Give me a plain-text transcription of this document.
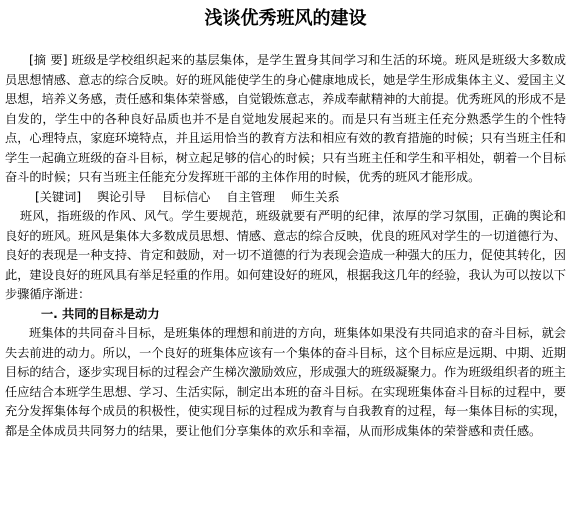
浅谈优秀班风的建设

[摘 要] 班级是学校组织起来的基层集体，是学生置身其间学习和生活的环境。班风是班级大多数成员思想情感、意志的综合反映。好的班风能使学生的身心健康地成长，她是学生形成集体主义、爱国主义思想，培养义务感，责任感和集体荣誉感，自觉锻炼意志，养成奉献精神的大前提。优秀班风的形成不是自发的，学生中的各种良好品质也并不是自觉地发展起来的。而是只有当班主任充分熟悉学生的个性特点，心理特点，家庭环境特点，并且运用恰当的教育方法和相应有效的教育措施的时候；只有当班主任和学生一起确立班级的奋斗目标，树立起足够的信心的时候；只有当班主任和学生和平相处，朝着一个目标奋斗的时候；只有当班主任能充分发挥班干部的主体作用的时候，优秀的班风才能形成。

[关键词] 舆论引导 目标信心 自主管理 师生关系

班风，指班级的作风、风气。学生要规范，班级就要有严明的纪律，浓厚的学习氛围，正确的舆论和良好的班风。班风是集体大多数成员思想、情感、意志的综合反映，优良的班风对学生的一切道德行为、良好的表现是一种支持、肯定和鼓励，对一切不道德的行为表现会造成一种强大的压力，促使其转化，因此，建设良好的班风具有举足轻重的作用。如何建设好的班风，根据我这几年的经验，我认为可以按以下步骤循序渐进：

一. 共同的目标是动力

班集体的共同奋斗目标，是班集体的理想和前进的方向，班集体如果没有共同追求的奋斗目标，就会失去前进的动力。所以，一个良好的班集体应该有一个集体的奋斗目标，这个目标应是远期、中期、近期目标的结合，逐步实现目标的过程会产生梯次激励效应，形成强大的班级凝聚力。作为班级组织者的班主任应结合本班学生思想、学习、生活实际，制定出本班的奋斗目标。在实现班集体奋斗目标的过程中，要充分发挥集体每个成员的积极性，使实现目标的过程成为教育与自我教育的过程，每一集体目标的实现，都是全体成员共同努力的结果，要让他们分享集体的欢乐和幸福，从而形成集体的荣誉感和责任感。
